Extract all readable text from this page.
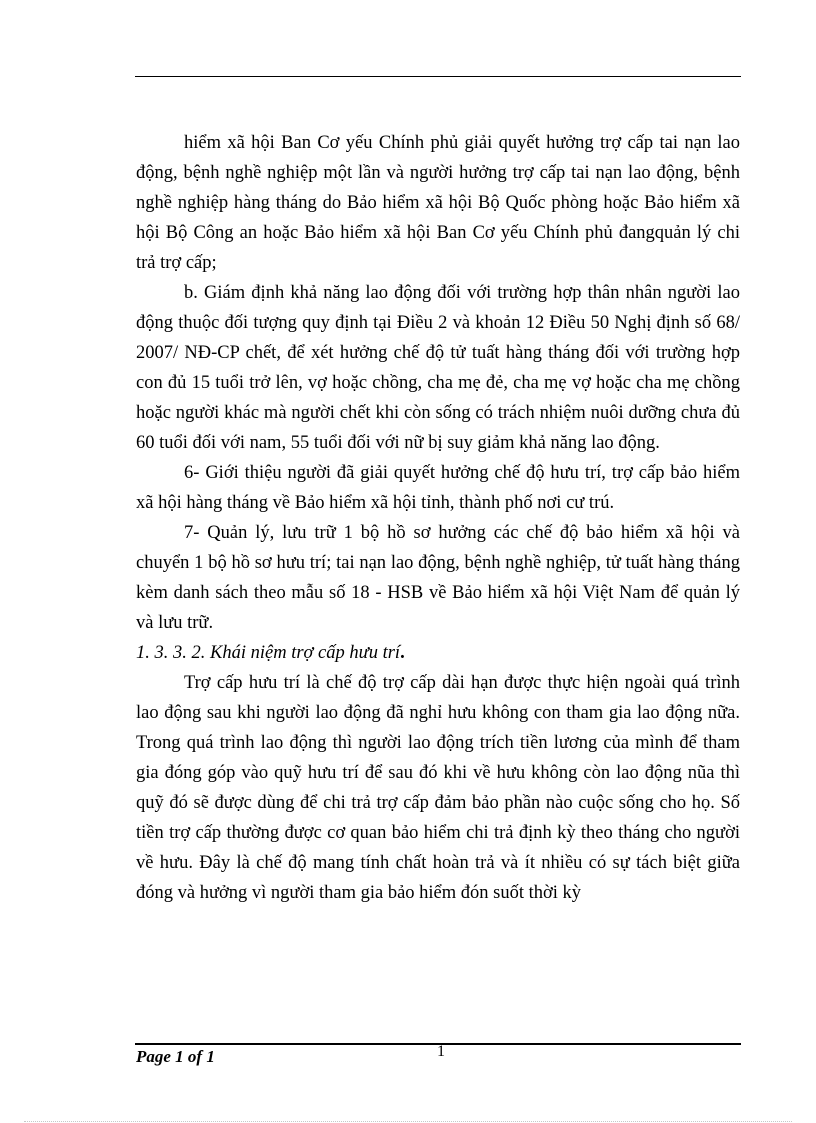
hiểm xã hội Ban Cơ yếu Chính phủ giải quyết hưởng trợ cấp tai nạn lao động, bệnh nghề nghiệp một lần và người hưởng trợ cấp tai nạn lao động, bệnh nghề nghiệp hàng tháng do Bảo hiểm xã hội Bộ Quốc phòng hoặc Bảo hiểm xã hội Bộ Công an hoặc Bảo hiểm xã hội Ban Cơ yếu Chính phủ đangquản lý chi trả trợ cấp;

b. Giám định khả năng lao động đối với trường hợp thân nhân người lao động thuộc đối tượng quy định tại Điều 2 và khoản 12 Điều 50 Nghị định số 68/ 2007/ NĐ-CP chết, để xét hưởng chế độ tử tuất hàng tháng đối với trường hợp con đủ 15 tuổi trở lên, vợ hoặc chồng, cha mẹ đẻ, cha mẹ vợ hoặc cha mẹ chồng hoặc người khác mà người chết khi còn sống có trách nhiệm nuôi dưỡng chưa đủ 60 tuổi đối với nam, 55 tuổi đối với nữ bị suy giảm khả năng lao động.

6- Giới thiệu người đã giải quyết hưởng chế độ hưu trí, trợ cấp bảo hiểm xã hội hàng tháng về Bảo hiểm xã hội tỉnh, thành phố nơi cư trú.

7- Quản lý, lưu trữ 1 bộ hồ sơ hưởng các chế độ bảo hiểm xã hội và chuyển 1 bộ hồ sơ hưu trí; tai nạn lao động, bệnh nghề nghiệp, tử tuất hàng tháng kèm danh sách theo mẫu số 18 - HSB về Bảo hiểm xã hội Việt Nam để quản lý và lưu trữ.

1. 3. 3. 2. Khái niệm trợ cấp hưu trí.

Trợ cấp hưu trí là chế độ trợ cấp dài hạn được thực hiện ngoài quá trình lao động sau khi người lao động đã nghỉ hưu không con tham gia lao động nữa. Trong quá trình lao động thì người lao động trích tiền lương của mình để tham gia đóng góp vào quỹ hưu trí để sau đó khi về hưu không còn lao động nũa thì quỹ đó sẽ được dùng để chi trả trợ cấp đảm bảo phần nào cuộc sống cho họ. Số tiền trợ cấp thường được cơ quan bảo hiểm chi trả định kỳ theo tháng cho người về hưu. Đây là chế độ mang tính chất hoàn trả và ít nhiều có sự tách biệt giữa đóng và hưởng vì người tham gia bảo hiểm đón suốt thời kỳ

Page 1 of 1	1
